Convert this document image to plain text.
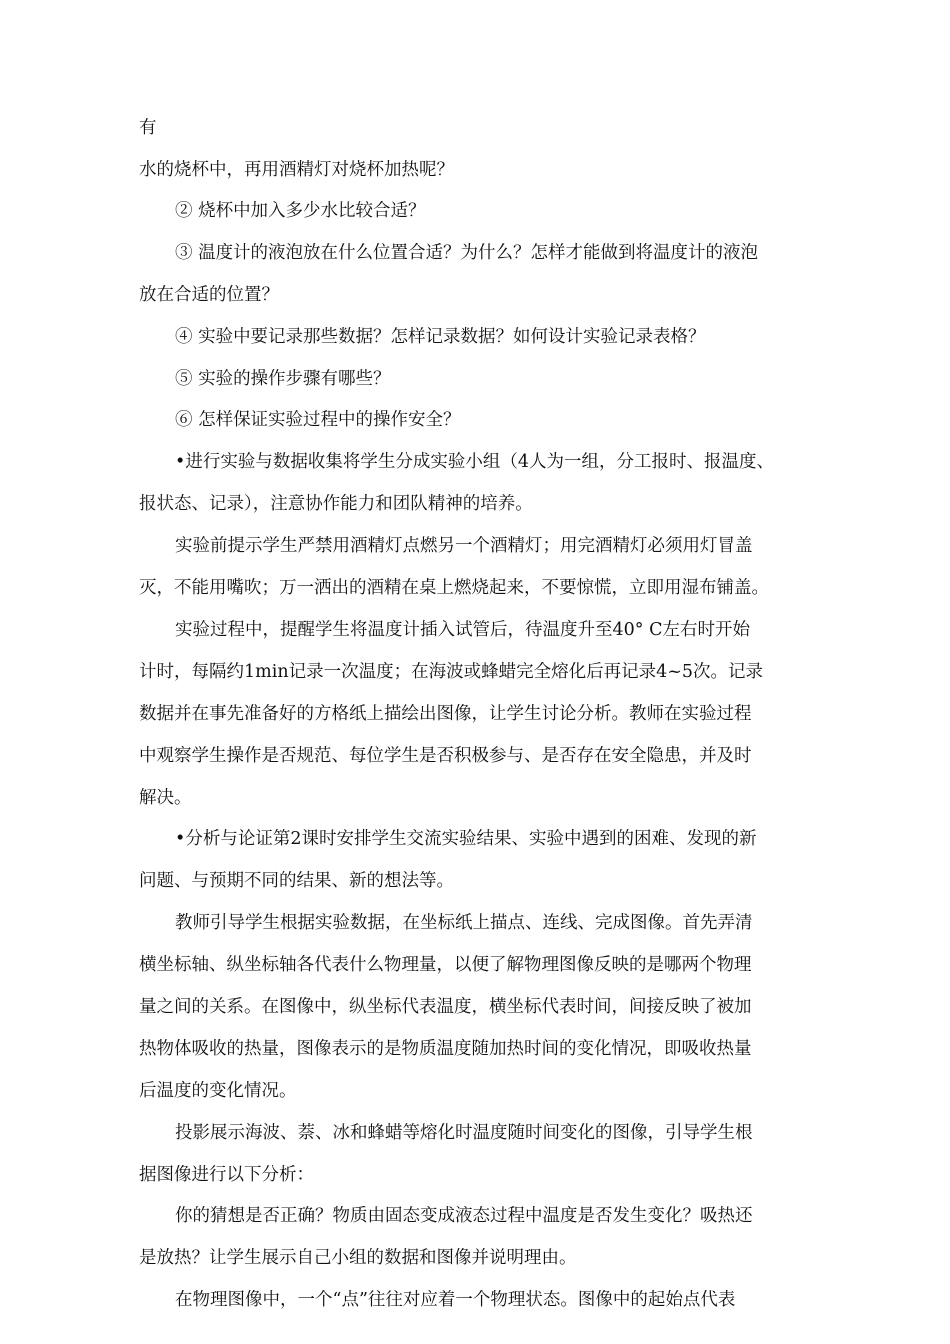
有
水的烧杯中，再用酒精灯对烧杯加热呢？
② 烧杯中加入多少水比较合适？
③ 温度计的液泡放在什么位置合适？为什么？怎样才能做到将温度计的液泡
放在合适的位置？
④ 实验中要记录那些数据？怎样记录数据？如何设计实验记录表格？
⑤ 实验的操作步骤有哪些？
⑥ 怎样保证实验过程中的操作安全？
•进行实验与数据收集将学生分成实验小组（4人为一组，分工报时、报温度、
报状态、记录），注意协作能力和团队精神的培养。
实验前提示学生严禁用酒精灯点燃另一个酒精灯；用完酒精灯必须用灯冒盖
灭，不能用嘴吹；万一洒出的酒精在桌上燃烧起来，不要惊慌，立即用湿布铺盖。
实验过程中，提醒学生将温度计插入试管后，待温度升至40° C左右时开始
计时，每隔约1min记录一次温度；在海波或蜂蜡完全熔化后再记录4~5次。记录
数据并在事先准备好的方格纸上描绘出图像，让学生讨论分析。教师在实验过程
中观察学生操作是否规范、每位学生是否积极参与、是否存在安全隐患，并及时
解决。
•分析与论证第2课时安排学生交流实验结果、实验中遇到的困难、发现的新
问题、与预期不同的结果、新的想法等。
教师引导学生根据实验数据，在坐标纸上描点、连线、完成图像。首先弄清
横坐标轴、纵坐标轴各代表什么物理量，以便了解物理图像反映的是哪两个物理
量之间的关系。在图像中，纵坐标代表温度，横坐标代表时间，间接反映了被加
热物体吸收的热量，图像表示的是物质温度随加热时间的变化情况，即吸收热量
后温度的变化情况。
投影展示海波、萘、冰和蜂蜡等熔化时温度随时间变化的图像，引导学生根
据图像进行以下分析：
你的猜想是否正确？物质由固态变成液态过程中温度是否发生变化？吸热还
是放热？让学生展示自己小组的数据和图像并说明理由。
在物理图像中，一个“点”往往对应着一个物理状态。图像中的起始点代表
